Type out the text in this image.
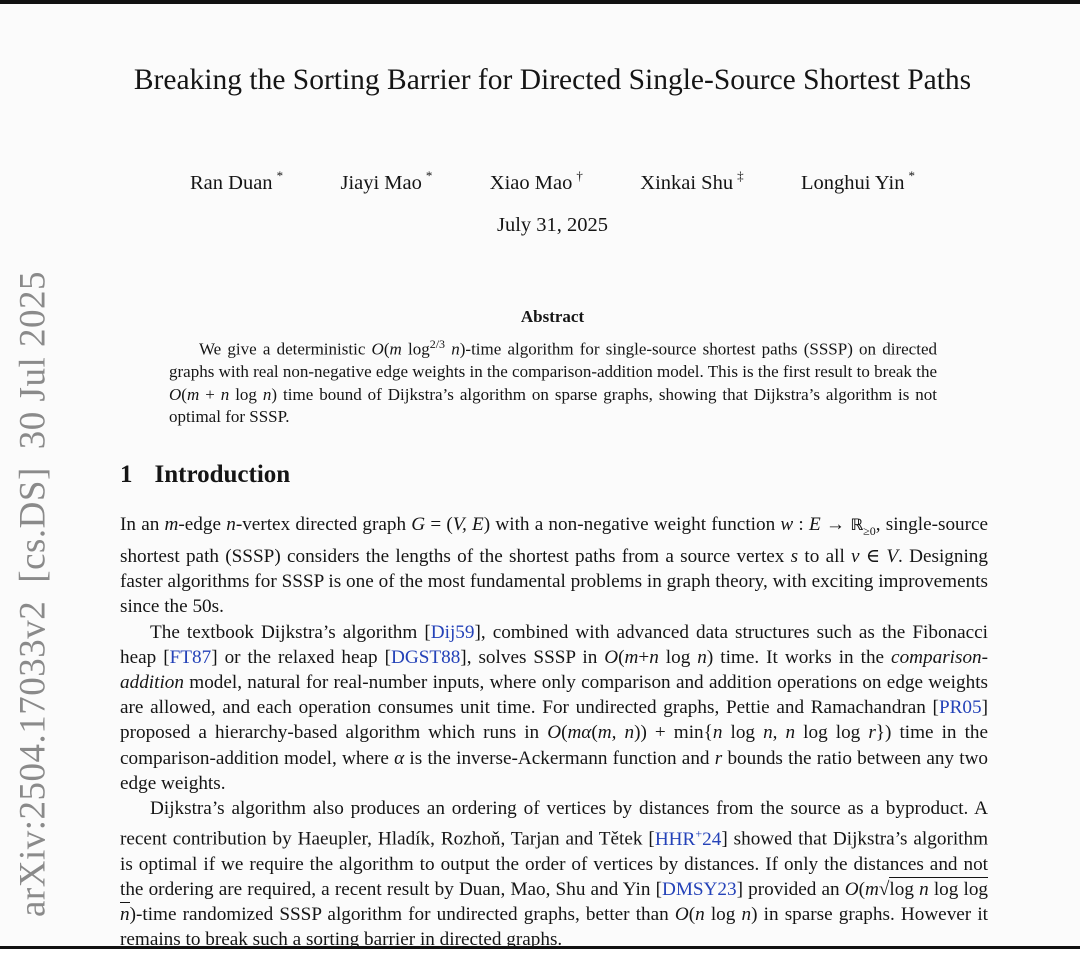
arXiv:2504.17033v2[cs.DS]30 Jul 2025
Breaking the Sorting Barrier for Directed Single-Source Shortest Paths
Ran Duan *	Jiayi Mao *	Xiao Mao †	Xinkai Shu ‡	Longhui Yin *
July 31, 2025
Abstract
We give a deterministic O(m $\log^{2/3}$ n)-time algorithm for single-source shortest paths (SSSP) on directed graphs with real non-negative edge weights in the comparison-addition model. This is the first result to break the O(m + n log n) time bound of Dijkstra’s algorithm on sparse graphs, showing that Dijkstra’s algorithm is not optimal for SSSP.
1 Introduction

In an m-edge n-vertex directed graph G = (V, E) with a non-negative weight function w : E → ℝ$_{\ge 0}$, single-source shortest path (SSSP) considers the lengths of the shortest paths from a source vertex s to all v ∈ V. Designing faster algorithms for SSSP is one of the most fundamental problems in graph theory, with exciting improvements since the 50s.

The textbook Dijkstra’s algorithm [Dij59], combined with advanced data structures such as the Fibonacci heap [FT87] or the relaxed heap [DGST88], solves SSSP in O(m+n log n) time. It works in the comparison-addition model, natural for real-number inputs, where only comparison and addition operations on edge weights are allowed, and each operation consumes unit time. For undirected graphs, Pettie and Ramachandran [PR05] proposed a hierarchy-based algorithm which runs in O(mα(m, n)) + min{n log n, n log log r}) time in the comparison-addition model, where α is the inverse-Ackermann function and r bounds the ratio between any two edge weights.

Dijkstra’s algorithm also produces an ordering of vertices by distances from the source as a byproduct. A recent contribution by Haeupler, Hladík, Rozhoň, Tarjan and Tětek [HHR+24] showed that Dijkstra’s algorithm is optimal if we require the algorithm to output the order of vertices by distances. If only the distances and not the ordering are required, a recent result by Duan, Mao, Shu and Yin [DMSY23] provided an O(m√log n log log n)-time randomized SSSP algorithm for undirected graphs, better than O(n log n) in sparse graphs. However it remains to break such a sorting barrier in directed graphs.
